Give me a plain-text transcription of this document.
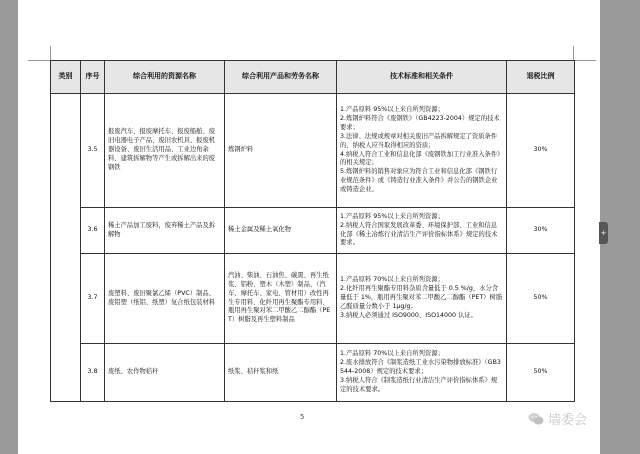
类别	序号	综合利用的资源名称	综合利用产品和劳务名称	技术标准和相关条件	退税比例
	3.5	报废汽车、报废摩托车、报废船舶、废旧电器电子产品、废旧农机具、报废机器设备、废旧生活用品、工业边角余料、建筑拆解物等产生或拆解出来的废钢铁	炼钢炉料	1.产品原料 95%以上来自所列资源；
2.炼钢炉料符合《废钢铁》（GB4223-2004）规定的技术要求；
3.法律、法规或规章对相关废旧产品拆解规定了资质条件的，纳税人应当取得相应的资质；
4.纳税人符合工业和信息化部《废钢铁加工行业准入条件》的相关规定；
5.炼钢炉料的销售对象应为符合工业和信息化部《钢铁行业规范条件》或《铸造行业准入条件》并公告的钢铁企业或铸造企业。	30%
	3.6	稀土产品加工废料，废弃稀土产品及拆解物	稀土金属及稀土氧化物	1.产品原料 95%以上来自所列资源；
2.纳税人符合国家发展改革委、环境保护部、工业和信息化部《稀土冶炼行业清洁生产评价指标体系》规定的技术要求。	30%
	3.7	废塑料、废旧聚氯乙烯（PVC）制品、废铝塑（纸铝、纸塑）复合纸包装材料	汽油、柴油、石油焦、碳黑、再生纸浆、铝粉、塑木（木塑）制品、（汽车、摩托车、家电、管材用）改性再生专用料、化纤用再生聚酯专用料、瓶用再生聚对苯二甲酸乙二醇酯（PET）树脂及再生塑料制品	1.产品原料 70%以上来自所列资源；
2.化纤用再生聚酯专用料杂质含量低于 0.5 %/g，水分含量低于 1%，瓶用再生聚对苯二甲酸乙二醇酯（PET）树脂乙醛质量分数小于 1μg/g；
3.纳税人必须通过 ISO9000、ISO14000 认证。	50%
	3.8	废纸、农作物秸秆	纸浆、秸秆浆和纸	1.产品原料 70%以上来自所列资源；
2.废水排放符合《制浆造纸工业水污染物排放标准》（GB3544-2008）规定的技术要求；
3.纳税人符合《制浆造纸行业清洁生产评价指标体系》规定的技术要求。	50%
5
+
墙委会
